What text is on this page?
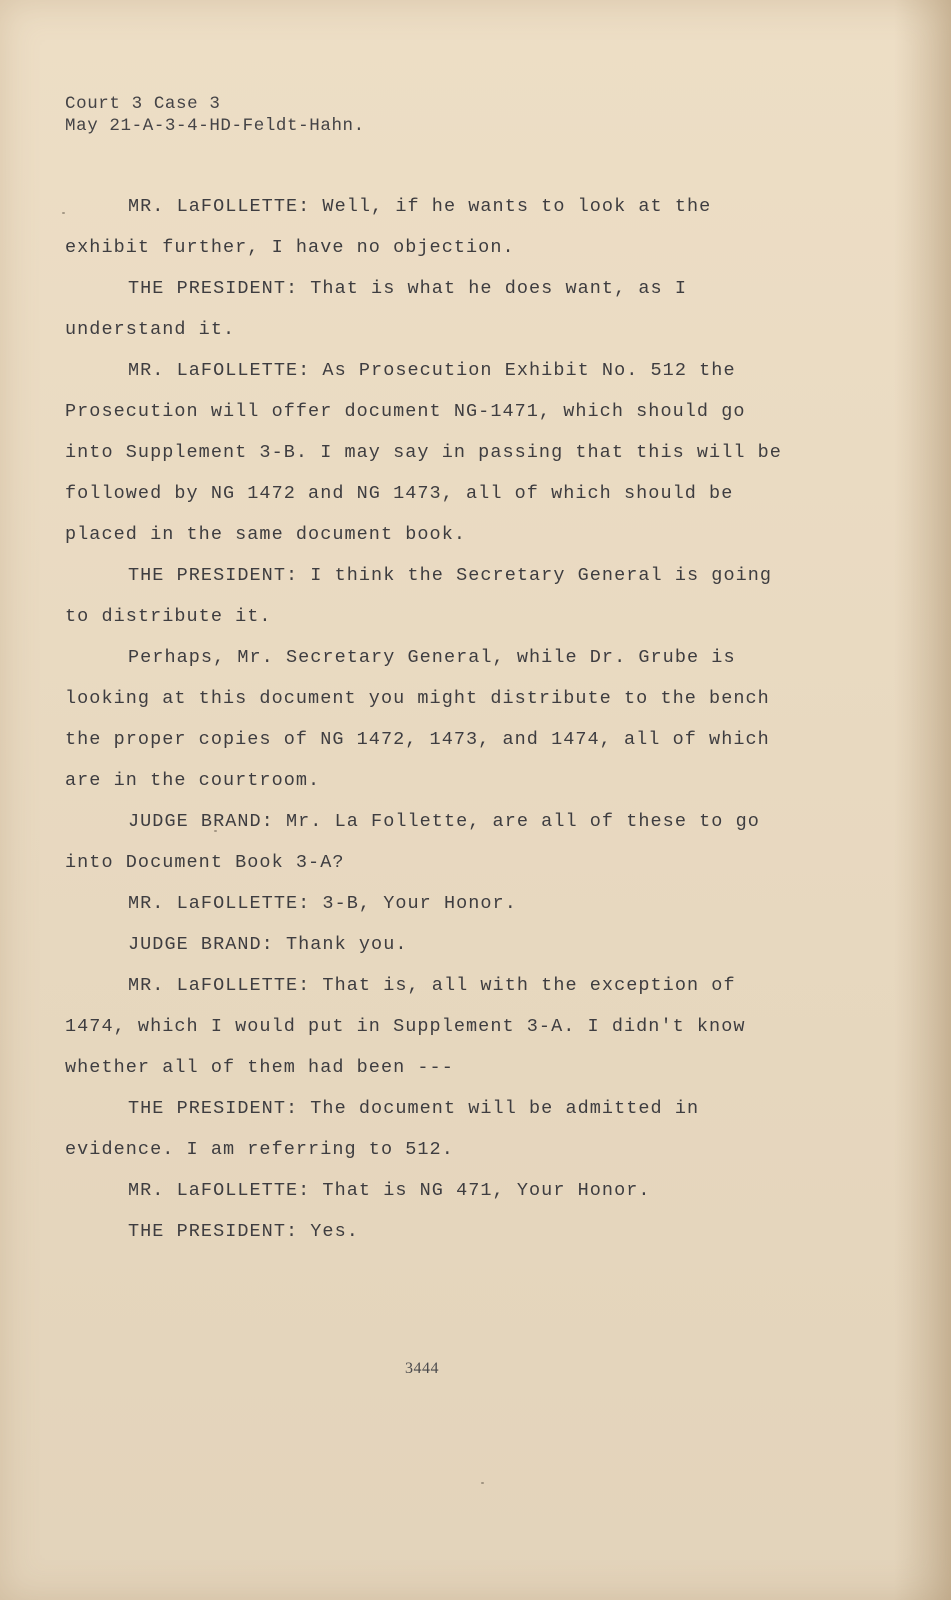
Court 3 Case 3
May 21-A-3-4-HD-Feldt-Hahn.

MR. LaFOLLETTE: Well, if he wants to look at the exhibit further, I have no objection.

THE PRESIDENT: That is what he does want, as I understand it.

MR. LaFOLLETTE: As Prosecution Exhibit No. 512 the Prosecution will offer document NG-1471, which should go into Supplement 3-B. I may say in passing that this will be followed by NG 1472 and NG 1473, all of which should be placed in the same document book.

THE PRESIDENT: I think the Secretary General is going to distribute it.

Perhaps, Mr. Secretary General, while Dr. Grube is looking at this document you might distribute to the bench the proper copies of NG 1472, 1473, and 1474, all of which are in the courtroom.

JUDGE BRAND: Mr. La Follette, are all of these to go into Document Book 3-A?

MR. LaFOLLETTE: 3-B, Your Honor.

JUDGE BRAND: Thank you.

MR. LaFOLLETTE: That is, all with the exception of 1474, which I would put in Supplement 3-A. I didn't know whether all of them had been ---

THE PRESIDENT: The document will be admitted in evidence. I am referring to 512.

MR. LaFOLLETTE: That is NG 471, Your Honor.

THE PRESIDENT: Yes.

3444
